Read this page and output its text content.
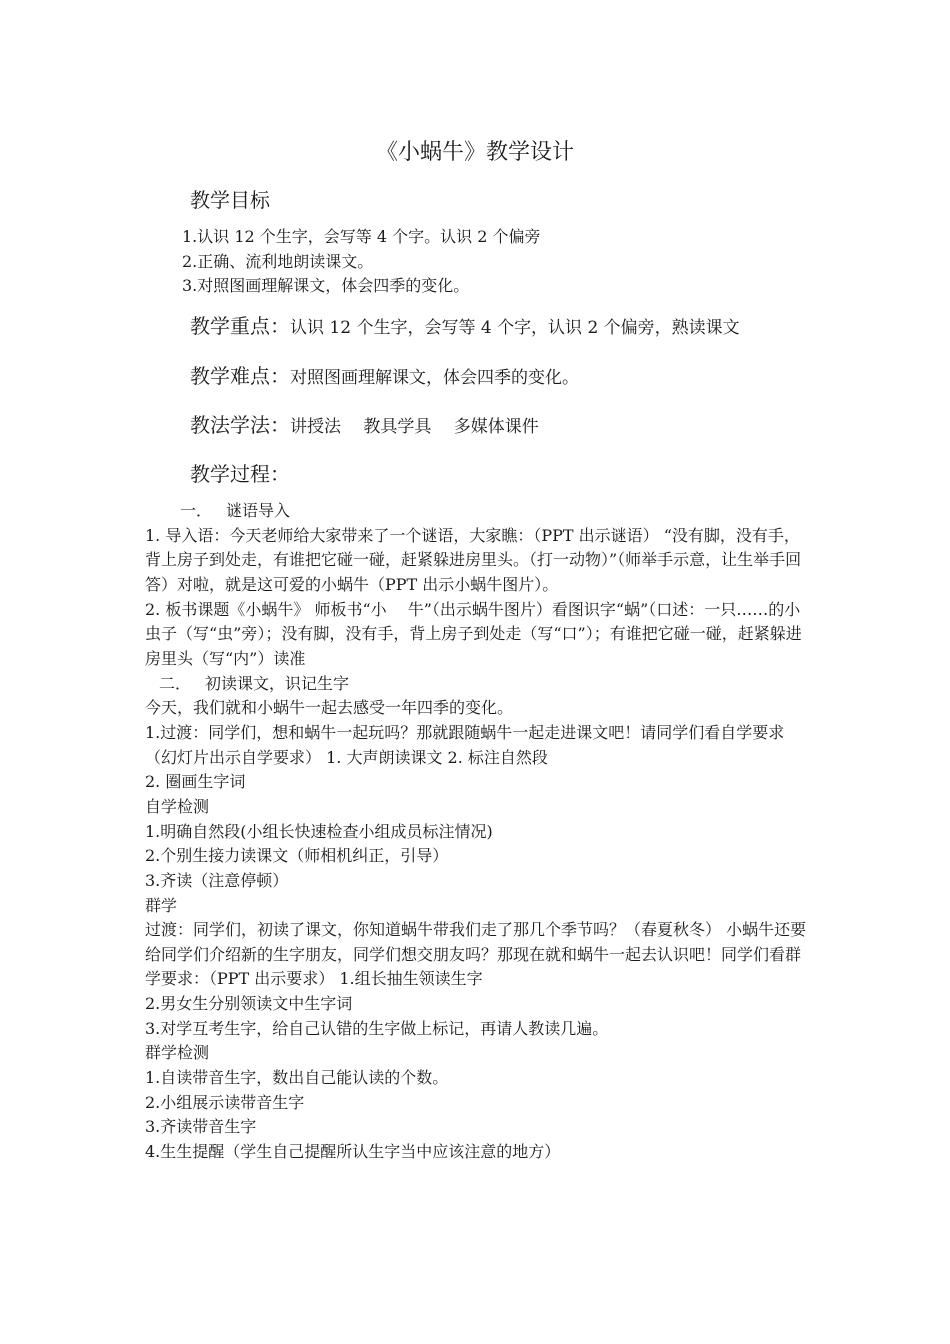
《小蜗牛》教学设计
教学目标
1.认识 12 个生字，会写等 4 个字。认识 2 个偏旁
2.正确、流利地朗读课文。
3.对照图画理解课文，体会四季的变化。
教学重点：认识 12 个生字，会写等 4 个字，认识 2 个偏旁，熟读课文
教学难点：对照图画理解课文，体会四季的变化。
教法学法：讲授法　 教具学具　 多媒体课件
教学过程：

一． 谜语导入

1. 导入语：今天老师给大家带来了一个谜语，大家瞧：（PPT 出示谜语） “没有脚，没有手，背上房子到处走，有谁把它碰一碰，赶紧躲进房里头。（打一动物）”（师举手示意，让生举手回答）对啦，就是这可爱的小蜗牛（PPT 出示小蜗牛图片）。

2. 板书课题《小蜗牛》 师板书“小　 牛”（出示蜗牛图片）看图识字“蜗”（口述：一只……的小虫子（写“虫”旁）；没有脚，没有手，背上房子到处走（写“口”）；有谁把它碰一碰，赶紧躲进房里头（写“内”）读准

二． 初读课文，识记生字

今天，我们就和小蜗牛一起去感受一年四季的变化。

1.过渡：同学们，想和蜗牛一起玩吗？那就跟随蜗牛一起走进课文吧！请同学们看自学要求（幻灯片出示自学要求） 1. 大声朗读课文 2. 标注自然段

2. 圈画生字词

自学检测

1.明确自然段(小组长快速检查小组成员标注情况)

2.个别生接力读课文（师相机纠正，引导）

3.齐读（注意停顿）

群学

过渡：同学们，初读了课文，你知道蜗牛带我们走了那几个季节吗？（春夏秋冬） 小蜗牛还要给同学们介绍新的生字朋友，同学们想交朋友吗？那现在就和蜗牛一起去认识吧！同学们看群学要求：（PPT 出示要求） 1.组长抽生领读生字

2.男女生分别领读文中生字词

3.对学互考生字，给自己认错的生字做上标记，再请人教读几遍。

群学检测

1.自读带音生字，数出自己能认读的个数。

2.小组展示读带音生字

3.齐读带音生字

4.生生提醒（学生自己提醒所认生字当中应该注意的地方）
